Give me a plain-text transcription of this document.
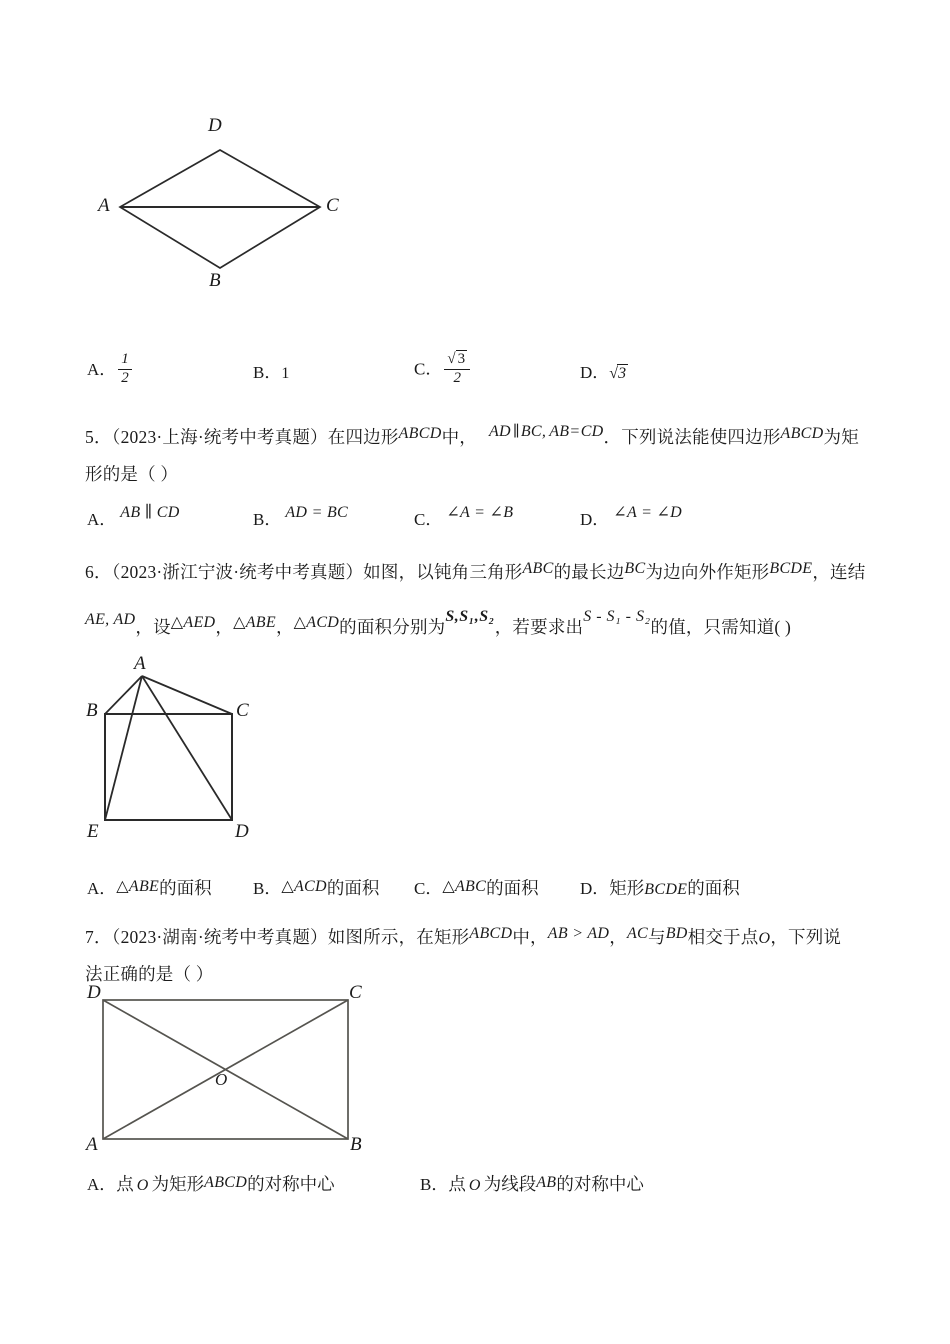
D
A	C
B
A． $\frac{1}{2}$	B．1	C． $\frac{√ 3}{2}$	D．√3
5．（2023·上海·统考中考真题）在四边形ABCD中， AD ∥ BC, AB=CD．下列说法能使四边形ABCD为矩
形的是（ ）
A． AB ∥ CD	B． AD = BC	C． ∠A = ∠B	D． ∠A = ∠D
6．（2023·浙江宁波·统考中考真题）如图，以钝角三角形ABC的最长边BC为边向外作矩形BCDE，连结
AE, AD，设△AED，△ABE，△ACD的面积分别为S,S₁,S₂，若要求出S - S₁ - S₂的值，只需知道( )
A
B	C
E	D
A．△ABE的面积 B．△ACD的面积 C．△ABC的面积 D．矩形BCDE的面积
7．（2023·湖南·统考中考真题）如图所示，在矩形ABCD中，AB > AD，AC与BD相交于点O，下列说
法正确的是（ ）
D	C
A	B
O
A．点 O 为矩形ABCD的对称中心	B．点 O 为线段AB的对称中心
